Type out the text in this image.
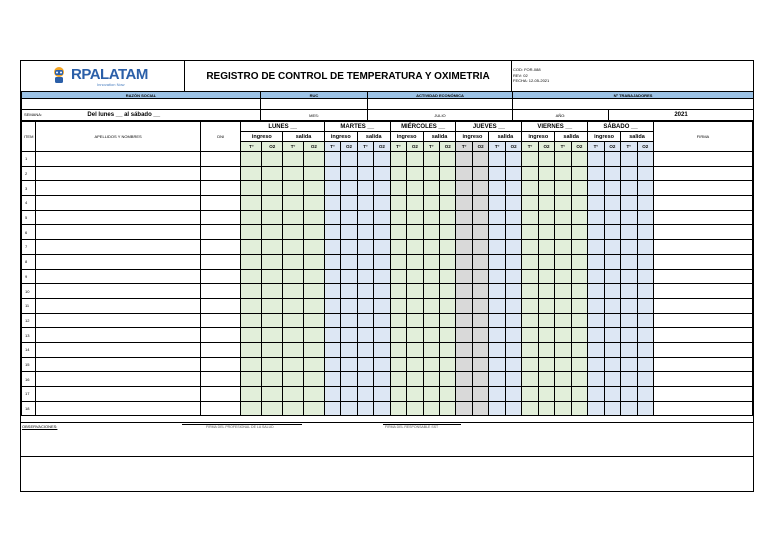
RPALATAM
Innovation Now
REGISTRO DE CONTROL DE TEMPERATURA Y OXIMETRIA
COD: FOR-088
REV: 02
FECHA: 12-05-2021
RAZÓN SOCIAL	RUC	ACTIVIDAD ECONÓMICA	Nº TRABAJADORES	

SEMANA: Del lunes __ al sábado __	MES:	JULIO	AÑO:	2021
ITEM	APELLIDOS Y NOMBRES	DNI	LUNES __				MARTES __				MIÉRCOLES __				JUEVES __				VIERNES __				SÁBADO __				FIRMA
			ingreso		salida		ingreso		salida		ingreso		salida		ingreso		salida		ingreso		salida		ingreso		salida		
			T°	O2	T°	O2	T°	O2	T°	O2	T°	O2	T°	O2	T°	O2	T°	O2	T°	O2	T°	O2	T°	O2	T°	O2	
1																											
2																											
3																											
4																											
5																											
6																											
7																											
8																											
9																											
10																											
11																											
12																											
13																											
14																											
15																											
16																											
17																											
18																											
OBSERVACIONES:	FIRMA DEL PROFESIONAL DE LA SALUD	FIRMA DEL RESPONSABLE SST
